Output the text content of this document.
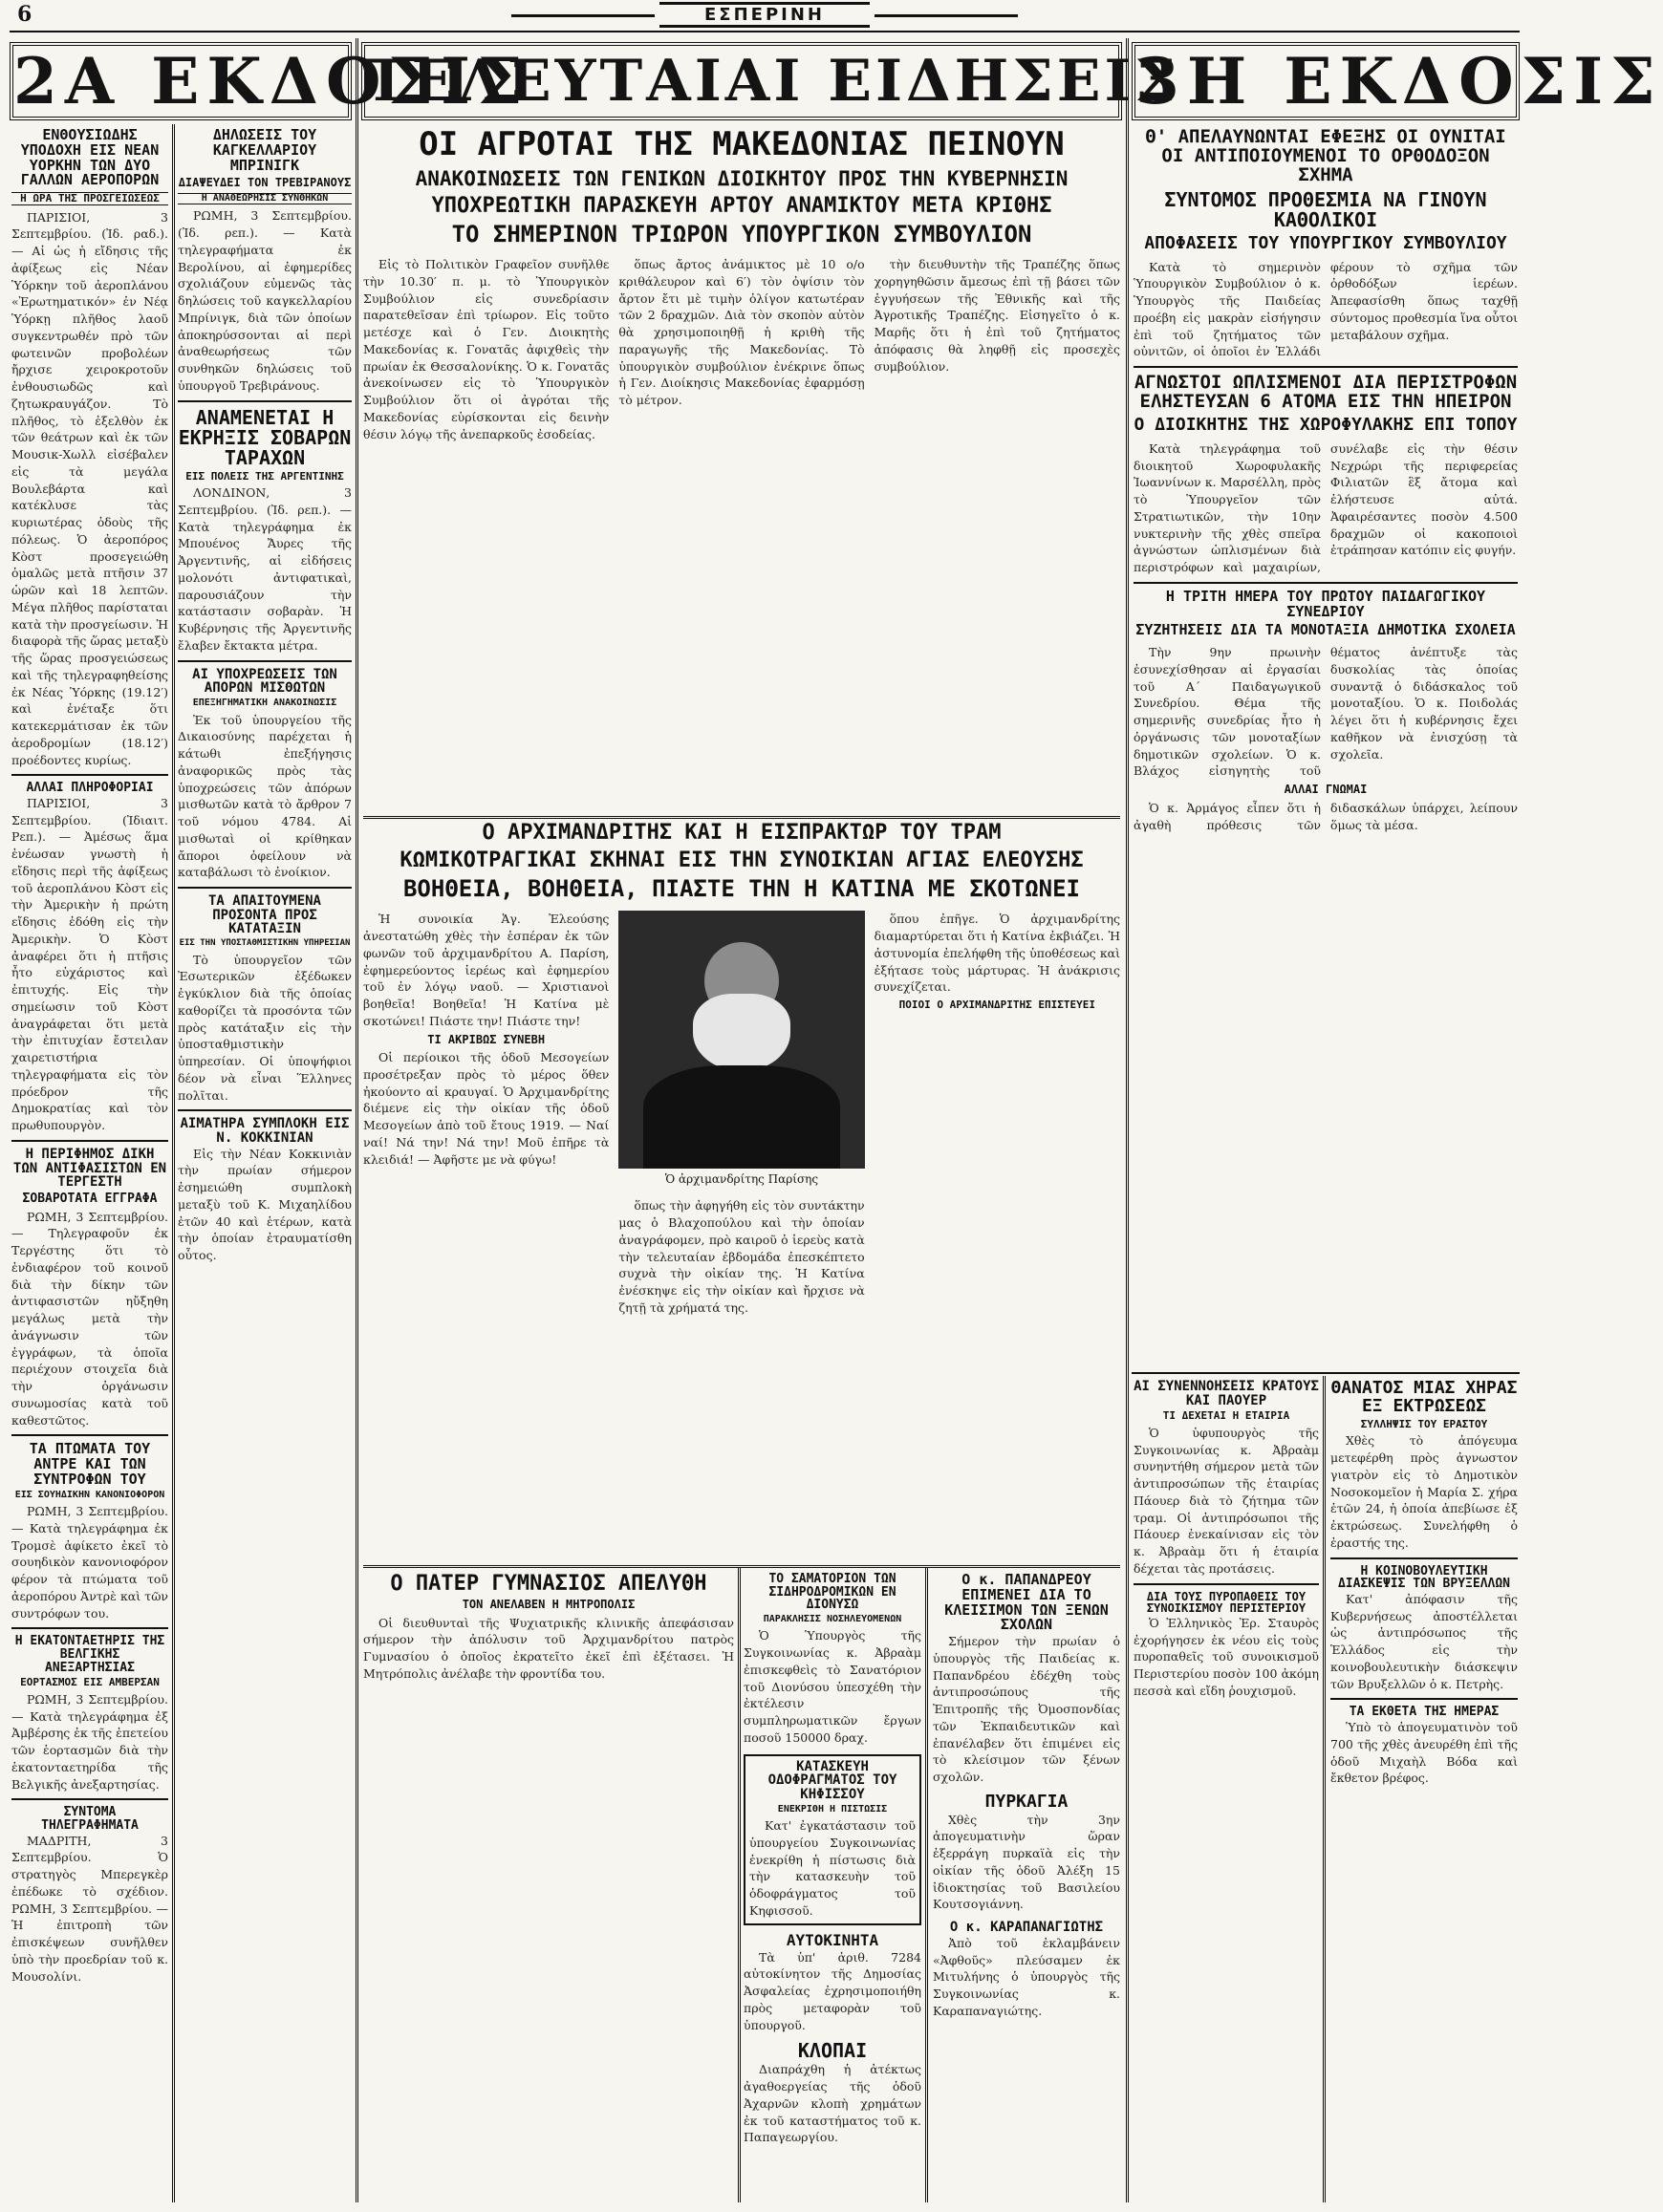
6	ΕΣΠΕΡΙΝΗ
2Α ΕΚΔΟΣΙΣ
ΤΕΛΕΥΤΑΙΑΙ ΕΙΔΗΣΕΙΣ
3Η ΕΚΔΟΣΙΣ
ΕΝΘΟΥΣΙΩΔΗΣ ΥΠΟΔΟΧΗ ΕΙΣ ΝΕΑΝ ΥΟΡΚΗΝ ΤΩΝ ΔΥΟ ΓΑΛΛΩΝ ΑΕΡΟΠΟΡΩΝ
Η ΩΡΑ ΤΗΣ ΠΡΟΣΓΕΙΩΣΕΩΣ

ΠΑΡΙΣΙΟΙ, 3 Σεπτεμβρίου. (Ἰδ. ραδ.). — Αἱ ὡς ἡ εἴδησις τῆς ἀφίξεως εἰς Νέαν Ὑόρκην τοῦ ἀεροπλάνου «Ἐρωτηματικόν» ἐν Νέᾳ Ὑόρκῃ πλῆθος λαοῦ συγκεντρωθέν πρὸ τῶν φωτεινῶν προβολέων ἤρχισε χειροκροτοῦν ἐνθουσιωδῶς καὶ ζητωκραυγάζον. Τὸ πλῆθος, τὸ ἐξελθὸν ἐκ τῶν θεάτρων καὶ ἐκ τῶν Μουσικ-Χωλλ εἰσέβαλεν εἰς τὰ μεγάλα Βουλεβάρτα καὶ κατέκλυσε τὰς κυριωτέρας ὁδοὺς τῆς πόλεως. Ὁ ἀεροπόρος Κὸστ προσεγειώθη ὁμαλῶς μετὰ πτῆσιν 37 ὡρῶν καὶ 18 λεπτῶν. Μέγα πλῆθος παρίσταται κατὰ τὴν προσγείωσιν. Ἡ διαφορὰ τῆς ὥρας μεταξὺ τῆς ὥρας προσγειώσεως καὶ τῆς τηλεγραφηθείσης ἐκ Νέας Ὑόρκης (19.12′) καὶ ἐνέταξε ὅτι κατεκερμάτισαν ἐκ τῶν ἀεροδρομίων (18.12′) προέδοντες κυρίως.

ΑΛΛΑΙ ΠΛΗΡΟΦΟΡΙΑΙ

ΠΑΡΙΣΙΟΙ, 3 Σεπτεμβρίου. (Ἰδιαιτ. Ρεπ.). — Ἀμέσως ἅμα ἐνέωσαν γνωστὴ ἡ εἴδησις περὶ τῆς ἀφίξεως τοῦ ἀεροπλάνου Κὸστ εἰς τὴν Ἀμερικὴν ἡ πρώτη εἴδησις ἐδόθη εἰς τὴν Ἀμερικὴν. Ὁ Κὸστ ἀναφέρει ὅτι ἡ πτῆσις ἦτο εὐχάριστος καὶ ἐπιτυχής. Εἰς τὴν σημείωσιν τοῦ Κὸστ ἀναγράφεται ὅτι μετὰ τὴν ἐπιτυχίαν ἔστειλαν χαιρετιστήρια τηλεγραφήματα εἰς τὸν πρόεδρον τῆς Δημοκρατίας καὶ τὸν πρωθυπουργὸν.

Η ΠΕΡΙΦΗΜΟΣ ΔΙΚΗ ΤΩΝ ΑΝΤΙΦΑΣΙΣΤΩΝ ΕΝ ΤΕΡΓΕΣΤΗ
ΣΟΒΑΡΟΤΑΤΑ ΕΓΓΡΑΦΑ

ΡΩΜΗ, 3 Σεπτεμβρίου. — Τηλεγραφοῦν ἐκ Τεργέστης ὅτι τὸ ἐνδιαφέρον τοῦ κοινοῦ διὰ τὴν δίκην τῶν ἀντιφασιστῶν ηὔξηθη μεγάλως μετὰ τὴν ἀνάγνωσιν τῶν ἐγγράφων, τὰ ὁποῖα περιέχουν στοιχεῖα διὰ τὴν ὀργάνωσιν συνωμοσίας κατὰ τοῦ καθεστῶτος.

ΤΑ ΠΤΩΜΑΤΑ ΤΟΥ ΑΝΤΡΕ ΚΑΙ ΤΩΝ ΣΥΝΤΡΟΦΩΝ ΤΟΥ
ΕΙΣ ΣΟΥΗΔΙΚΗΝ ΚΑΝΟΝΙΟΦΟΡΟΝ

ΡΩΜΗ, 3 Σεπτεμβρίου. — Κατὰ τηλεγράφημα ἐκ Τρομσὲ ἀφίκετο ἐκεῖ τὸ σουηδικὸν κανονιοφόρον φέρον τὰ πτώματα τοῦ ἀεροπόρου Ἀντρὲ καὶ τῶν συντρόφων του.

Η ΕΚΑΤΟΝΤΑΕΤΗΡΙΣ ΤΗΣ ΒΕΛΓΙΚΗΣ ΑΝΕΞΑΡΤΗΣΙΑΣ
ΕΟΡΤΑΣΜΟΣ ΕΙΣ ΑΜΒΕΡΣΑΝ

ΡΩΜΗ, 3 Σεπτεμβρίου. — Κατὰ τηλεγράφημα ἐξ Ἀμβέρσης ἐκ τῆς ἐπετείου τῶν ἑορτασμῶν διὰ τὴν ἑκατονταετηρίδα τῆς Βελγικῆς ἀνεξαρτησίας.

ΣΥΝΤΟΜΑ ΤΗΛΕΓΡΑΦΗΜΑΤΑ

ΜΑΔΡΙΤΗ, 3 Σεπτεμβρίου. Ὁ στρατηγὸς Μπερεγκὲρ ἐπέδωκε τὸ σχέδιον. ΡΩΜΗ, 3 Σεπτεμβρίου. — Ἡ ἐπιτροπὴ τῶν ἐπισκέψεων συνῆλθεν ὑπὸ τὴν προεδρίαν τοῦ κ. Μουσολίνι.

ΔΗΛΩΣΕΙΣ ΤΟΥ ΚΑΓΚΕΛΛΑΡΙΟΥ ΜΠΡΙΝΙΓΚ
ΔΙΑΨΕΥΔΕΙ ΤΟΝ ΤΡΕΒΙΡΑΝΟΥΣ
Η ΑΝΑΘΕΩΡΗΣΙΣ ΣΥΝΘΗΚΩΝ

ΡΩΜΗ, 3 Σεπτεμβρίου. (Ἰδ. ρεπ.). — Κατὰ τηλεγραφήματα ἐκ Βερολίνου, αἱ ἐφημερίδες σχολιάζουν εὐμενῶς τὰς δηλώσεις τοῦ καγκελλαρίου Μπρίνιγκ, διὰ τῶν ὁποίων ἀποκηρύσσονται αἱ περὶ ἀναθεωρήσεως τῶν συνθηκῶν δηλώσεις τοῦ ὑπουργοῦ Τρεβιράνους.

ΑΝΑΜΕΝΕΤΑΙ Η ΕΚΡΗΞΙΣ ΣΟΒΑΡΩΝ ΤΑΡΑΧΩΝ
ΕΙΣ ΠΟΛΕΙΣ ΤΗΣ ΑΡΓΕΝΤΙΝΗΣ

ΛΟΝΔΙΝΟΝ, 3 Σεπτεμβρίου. (Ἰδ. ρεπ.). — Κατὰ τηλεγράφημα ἐκ Μπουένος Ἄυρες τῆς Ἀργεντινῆς, αἱ εἰδήσεις μολονότι ἀντιφατικαὶ, παρουσιάζουν τὴν κατάστασιν σοβαρὰν. Ἡ Κυβέρνησις τῆς Ἀργεντινῆς ἔλαβεν ἔκτακτα μέτρα.

ΑΙ ΥΠΟΧΡΕΩΣΕΙΣ ΤΩΝ ΑΠΟΡΩΝ ΜΙΣΘΩΤΩΝ
ΕΠΕΞΗΓΗΜΑΤΙΚΗ ΑΝΑΚΟΙΝΩΣΙΣ

Ἐκ τοῦ ὑπουργείου τῆς Δικαιοσύνης παρέχεται ἡ κάτωθι ἐπεξήγησις ἀναφορικῶς πρὸς τὰς ὑποχρεώσεις τῶν ἀπόρων μισθωτῶν κατὰ τὸ ἄρθρον 7 τοῦ νόμου 4784. Αἱ μισθωταὶ οἱ κρίθηκαν ἄποροι ὀφείλουν νὰ καταβάλωσι τὸ ἐνοίκιον.

ΤΑ ΑΠΑΙΤΟΥΜΕΝΑ ΠΡΟΣΟΝΤΑ ΠΡΟΣ ΚΑΤΑΤΑΞΙΝ
ΕΙΣ ΤΗΝ ΥΠΟΣΤΑΘΜΙΣΤΙΚΗΝ ΥΠΗΡΕΣΙΑΝ

Τὸ ὑπουργεῖον τῶν Ἐσωτερικῶν ἐξέδωκεν ἐγκύκλιον διὰ τῆς ὁποίας καθορίζει τὰ προσόντα τῶν πρὸς κατάταξιν εἰς τὴν ὑποσταθμιστικὴν ὑπηρεσίαν. Οἱ ὑποψήφιοι δέον νὰ εἶναι Ἕλληνες πολῖται.

ΑΙΜΑΤΗΡΑ ΣΥΜΠΛΟΚΗ ΕΙΣ Ν. ΚΟΚΚΙΝΙΑΝ

Εἰς τὴν Νέαν Κοκκινιὰν τὴν πρωίαν σήμερον ἐσημειώθη συμπλοκὴ μεταξὺ τοῦ Κ. Μιχαηλίδου ἐτῶν 40 καὶ ἑτέρων, κατὰ τὴν ὁποίαν ἐτραυματίσθη οὗτος.

ΟΙ ΑΓΡΟΤΑΙ ΤΗΣ ΜΑΚΕΔΟΝΙΑΣ ΠΕΙΝΟΥΝ
ΑΝΑΚΟΙΝΩΣΕΙΣ ΤΩΝ ΓΕΝΙΚΩΝ ΔΙΟΙΚΗΤΟΥ ΠΡΟΣ ΤΗΝ ΚΥΒΕΡΝΗΣΙΝ
ΥΠΟΧΡΕΩΤΙΚΗ ΠΑΡΑΣΚΕΥΗ ΑΡΤΟΥ ΑΝΑΜΙΚΤΟΥ ΜΕΤΑ ΚΡΙΘΗΣ
ΤΟ ΣΗΜΕΡΙΝΟΝ ΤΡΙΩΡΟΝ ΥΠΟΥΡΓΙΚΟΝ ΣΥΜΒΟΥΛΙΟΝ

Εἰς τὸ Πολιτικὸν Γραφεῖον συνῆλθε τὴν 10.30′ π. μ. τὸ Ὑπουργικὸν Συμβούλιον εἰς συνεδρίασιν παρατεθεῖσαν ἐπὶ τρίωρον. Εἰς τοῦτο μετέσχε καὶ ὁ Γεν. Διοικητὴς Μακεδονίας κ. Γονατᾶς ἀφιχθεὶς τὴν πρωίαν ἐκ Θεσσαλονίκης. Ὁ κ. Γονατᾶς ἀνεκοίνωσεν εἰς τὸ Ὑπουργικὸν Συμβούλιον ὅτι οἱ ἀγρόται τῆς Μακεδονίας εὑρίσκονται εἰς δεινὴν θέσιν λόγῳ τῆς ἀνεπαρκοῦς ἐσοδείας.

ὅπως ἄρτος ἀνάμικτος μὲ 10 ο/ο κριθάλευρον καὶ 6′) τὸν ὀψίσιν τὸν ἄρτον ἔτι μὲ τιμὴν ὀλίγον κατωτέραν τῶν 2 δραχμῶν. Διὰ τὸν σκοπὸν αὐτὸν θὰ χρησιμοποιηθῇ ἡ κριθὴ τῆς παραγωγῆς τῆς Μακεδονίας. Τὸ ὑπουργικὸν συμβούλιον ἐνέκρινε ὅπως ἡ Γεν. Διοίκησις Μακεδονίας ἐφαρμόσῃ τὸ μέτρον.

τὴν διευθυντὴν τῆς Τραπέζης ὅπως χορηγηθῶσιν ἄμεσως ἐπὶ τῇ βάσει τῶν ἐγγυήσεων τῆς Ἐθνικῆς καὶ τῆς Ἀγροτικῆς Τραπέζης. Εἰσηγεῖτο ὁ κ. Μαρῆς ὅτι ἡ ἐπὶ τοῦ ζητήματος ἀπόφασις θὰ ληφθῇ εἰς προσεχὲς συμβούλιον.

Ο ΑΡΧΙΜΑΝΔΡΙΤΗΣ ΚΑΙ Η ΕΙΣΠΡΑΚΤΩΡ ΤΟΥ ΤΡΑΜ
ΚΩΜΙΚΟΤΡΑΓΙΚΑΙ ΣΚΗΝΑΙ ΕΙΣ ΤΗΝ ΣΥΝΟΙΚΙΑΝ ΑΓΙΑΣ ΕΛΕΟΥΣΗΣ
ΒΟΗΘΕΙΑ, ΒΟΗΘΕΙΑ, ΠΙΑΣΤΕ ΤΗΝ Η ΚΑΤΙΝΑ ΜΕ ΣΚΟΤΩΝΕΙ

Ἡ συνοικία Ἁγ. Ἐλεούσης ἀνεστατώθη χθὲς τὴν ἑσπέραν ἐκ τῶν φωνῶν τοῦ ἀρχιμανδρίτου Α. Παρίση, ἐφημερεύοντος ἱερέως καὶ ἐφημερίου τοῦ ἐν λόγῳ ναοῦ. — Χριστιανοὶ βοηθεῖα! Βοηθεῖα! Ἡ Κατίνα μὲ σκοτώνει! Πιάστε την! Πιάστε την!

ΤΙ ΑΚΡΙΒΩΣ ΣΥΝΕΒΗ

Οἱ περίοικοι τῆς ὁδοῦ Μεσογείων προσέτρεξαν πρὸς τὸ μέρος ὅθεν ἠκούοντο αἱ κραυγαί. Ὁ Ἀρχιμανδρίτης διέμενε εἰς τὴν οἰκίαν τῆς ὁδοῦ Μεσογείων ἀπὸ τοῦ ἔτους 1919. — Ναί ναί! Νά την! Νά την! Μοῦ ἐπῆρε τὰ κλειδιά! — Ἀφῆστε με νὰ φύγω!

Ὁ ἀρχιμανδρίτης Παρίσης

ὅπως τὴν ἀφηγήθη εἰς τὸν συντάκτην μας ὁ Βλαχοπούλου καὶ τὴν ὁποίαν ἀναγράφομεν, πρὸ καιροῦ ὁ ἱερεὺς κατὰ τὴν τελευταίαν ἐβδομάδα ἐπεσκέπτετο συχνὰ τὴν οἰκίαν της. Ἡ Κατίνα ἐνέσκηψε εἰς τὴν οἰκίαν καὶ ἤρχισε νὰ ζητῇ τὰ χρήματά της.

ὅπου ἐπῆγε. Ὁ ἀρχιμανδρίτης διαμαρτύρεται ὅτι ἡ Κατίνα ἐκβιάζει. Ἡ ἀστυνομία ἐπελήφθη τῆς ὑποθέσεως καὶ ἐξήτασε τοὺς μάρτυρας. Ἡ ἀνάκρισις συνεχίζεται.

ΠΟΙΟΙ Ο ΑΡΧΙΜΑΝΔΡΙΤΗΣ ΕΠΙΣΤΕΥΕΙ
Ο ΠΑΤΕΡ ΓΥΜΝΑΣΙΟΣ ΑΠΕΛΥΘΗ
ΤΟΝ ΑΝΕΛΑΒΕΝ Η ΜΗΤΡΟΠΟΛΙΣ

Οἱ διευθυνταὶ τῆς Ψυχιατρικῆς κλινικῆς ἀπεφάσισαν σήμερον τὴν ἀπόλυσιν τοῦ Ἀρχιμανδρίτου πατρὸς Γυμνασίου ὁ ὁποῖος ἐκρατεῖτο ἐκεῖ ἐπὶ ἐξέτασει. Ἡ Μητρόπολις ἀνέλαβε τὴν φροντίδα του.

ΤΟ ΣΑΜΑΤΟΡΙΟΝ ΤΩΝ ΣΙΔΗΡΟΔΡΟΜΙΚΩΝ ΕΝ ΔΙΟΝΥΣΩ
ΠΑΡΑΚΛΗΣΙΣ ΝΟΣΗΛΕΥΟΜΕΝΩΝ

Ὁ Ὑπουργὸς τῆς Συγκοινωνίας κ. Ἀβραὰμ ἐπισκεφθεὶς τὸ Σανατόριον τοῦ Διονύσου ὑπεσχέθη τὴν ἐκτέλεσιν συμπληρωματικῶν ἔργων ποσοῦ 150000 δραχ.

ΚΑΤΑΣΚΕΥΗ ΟΔΟΦΡΑΓΜΑΤΟΣ ΤΟΥ ΚΗΦΙΣΣΟΥ
ΕΝΕΚΡΙΘΗ Η ΠΙΣΤΩΣΙΣ

Κατ' ἐγκατάστασιν τοῦ ὑπουργείου Συγκοινωνίας ἐνεκρίθη ἡ πίστωσις διὰ τὴν κατασκευὴν τοῦ ὁδοφράγματος τοῦ Κηφισσοῦ.

ΑΥΤΟΚΙΝΗΤΑ

Τὰ ὑπ' ἀριθ. 7284 αὐτοκίνητον τῆς Δημοσίας Ἀσφαλείας ἐχρησιμοποιήθη πρὸς μεταφορὰν τοῦ ὑπουργοῦ.

ΚΛΟΠΑΙ

Διαπράχθη ἡ ἀτέκτως ἀγαθοεργείας τῆς ὁδοῦ Ἀχαρνῶν κλοπὴ χρημάτων ἐκ τοῦ καταστήματος τοῦ κ. Παπαγεωργίου.

Ο κ. ΠΑΠΑΝΔΡΕΟΥ ΕΠΙΜΕΝΕΙ ΔΙΑ ΤΟ ΚΛΕΙΣΙΜΟΝ ΤΩΝ ΞΕΝΩΝ ΣΧΟΛΩΝ

Σήμερον τὴν πρωίαν ὁ ὑπουργὸς τῆς Παιδείας κ. Παπανδρέου ἐδέχθη τοὺς ἀντιπροσώπους τῆς Ἐπιτροπῆς τῆς Ὀμοσπονδίας τῶν Ἐκπαιδευτικῶν καὶ ἐπανέλαβεν ὅτι ἐπιμένει εἰς τὸ κλείσιμον τῶν ξένων σχολῶν.

ΠΥΡΚΑΓΙΑ

Χθὲς τὴν 3ην ἀπογευματινὴν ὥραν ἐξερράγη πυρκαϊὰ εἰς τὴν οἰκίαν τῆς ὁδοῦ Ἀλέξη 15 ἰδιοκτησίας τοῦ Βασιλείου Κουτσογιάννη.

Ο κ. ΚΑΡΑΠΑΝΑΓΙΩΤΗΣ

Ἀπὸ τοῦ ἐκλαμβάνειν «Ἀφθοῦς» πλεύσαμεν ἐκ Μιτυλήνης ὁ ὑπουργὸς τῆς Συγκοινωνίας κ. Καραπαναγιώτης.

Θ' ΑΠΕΛΑΥΝΩΝΤΑΙ ΕΦΕΞΗΣ ΟΙ ΟΥΝΙΤΑΙ ΟΙ ΑΝΤΙΠΟΙΟΥΜΕΝΟΙ ΤΟ ΟΡΘΟΔΟΞΟΝ ΣΧΗΜΑ
ΣΥΝΤΟΜΟΣ ΠΡΟΘΕΣΜΙΑ ΝΑ ΓΙΝΟΥΝ ΚΑΘΟΛΙΚΟΙ
ΑΠΟΦΑΣΕΙΣ ΤΟΥ ΥΠΟΥΡΓΙΚΟΥ ΣΥΜΒΟΥΛΙΟΥ

Κατὰ τὸ σημερινὸν Ὑπουργικὸν Συμβούλιον ὁ κ. Ὑπουργὸς τῆς Παιδείας προέβη εἰς μακρὰν εἰσήγησιν ἐπὶ τοῦ ζητήματος τῶν οὐνιτῶν, οἱ ὁποῖοι ἐν Ἑλλάδι φέρουν τὸ σχῆμα τῶν ὀρθοδόξων ἱερέων. Ἀπεφασίσθη ὅπως ταχθῇ σύντομος προθεσμία ἵνα οὗτοι μεταβάλουν σχῆμα.

ΑΓΝΩΣΤΟΙ ΩΠΛΙΣΜΕΝΟΙ ΔΙΑ ΠΕΡΙΣΤΡΟΦΩΝ ΕΛΗΣΤΕΥΣΑΝ 6 ΑΤΟΜΑ ΕΙΣ ΤΗΝ ΗΠΕΙΡΟΝ
Ο ΔΙΟΙΚΗΤΗΣ ΤΗΣ ΧΩΡΟΦΥΛΑΚΗΣ ΕΠΙ ΤΟΠΟΥ

Κατὰ τηλεγράφημα τοῦ διοικητοῦ Χωροφυλακῆς Ἰωαννίνων κ. Μαρσέλλη, πρὸς τὸ Ὑπουργεῖον τῶν Στρατιωτικῶν, τὴν 10ην νυκτερινὴν τῆς χθὲς σπεῖρα ἀγνώστων ὡπλισμένων διὰ περιστρόφων καὶ μαχαιρίων, συνέλαβε εἰς τὴν θέσιν Νεχρώρι τῆς περιφερείας Φιλιατῶν ἓξ ἄτομα καὶ ἐλήστευσε αὐτά. Ἀφαιρέσαντες ποσὸν 4.500 δραχμῶν οἱ κακοποιοὶ ἐτράπησαν κατόπιν εἰς φυγήν.

Η ΤΡΙΤΗ ΗΜΕΡΑ ΤΟΥ ΠΡΩΤΟΥ ΠΑΙΔΑΓΩΓΙΚΟΥ ΣΥΝΕΔΡΙΟΥ
ΣΥΖΗΤΗΣΕΙΣ ΔΙΑ ΤΑ ΜΟΝΟΤΑΞΙΑ ΔΗΜΟΤΙΚΑ ΣΧΟΛΕΙΑ

Τὴν 9ην πρωινὴν ἐσυνεχίσθησαν αἱ ἐργασίαι τοῦ Α΄ Παιδαγωγικοῦ Συνεδρίου. Θέμα τῆς σημερινῆς συνεδρίας ἦτο ἡ ὀργάνωσις τῶν μονοταξίων δημοτικῶν σχολείων. Ὁ κ. Βλάχος εἰσηγητὴς τοῦ θέματος ἀνέπτυξε τὰς δυσκολίας τὰς ὁποίας συναντᾷ ὁ διδάσκαλος τοῦ μονοταξίου. Ὁ κ. Ποιδολάς λέγει ὅτι ἡ κυβέρνησις ἔχει καθῆκον νὰ ἐνισχύσῃ τὰ σχολεῖα.

ΑΛΛΑΙ ΓΝΩΜΑΙ

Ὁ κ. Ἀρμάγος εἶπεν ὅτι ἡ ἀγαθὴ πρόθεσις τῶν διδασκάλων ὑπάρχει, λείπουν ὅμως τὰ μέσα.

ΑΙ ΣΥΝΕΝΝΟΗΣΕΙΣ ΚΡΑΤΟΥΣ ΚΑΙ ΠΑΟΥΕΡ
ΤΙ ΔΕΧΕΤΑΙ Η ΕΤΑΙΡΙΑ

Ὁ ὑφυπουργὸς τῆς Συγκοινωνίας κ. Ἀβραὰμ συνηντήθη σήμερον μετὰ τῶν ἀντιπροσώπων τῆς ἑταιρίας Πάουερ διὰ τὸ ζήτημα τῶν τραμ. Οἱ ἀντιπρόσωποι τῆς Πάουερ ἐνεκαίνισαν εἰς τὸν κ. Ἀβραὰμ ὅτι ἡ ἑταιρία δέχεται τὰς προτάσεις.

ΔΙΑ ΤΟΥΣ ΠΥΡΟΠΑΘΕΙΣ ΤΟΥ ΣΥΝΟΙΚΙΣΜΟΥ ΠΕΡΙΣΤΕΡΙΟΥ

Ὁ Ἑλληνικὸς Ἐρ. Σταυρὸς ἐχορήγησεν ἐκ νέου εἰς τοὺς πυροπαθεῖς τοῦ συνοικισμοῦ Περιστερίου ποσὸν 100 ἀκόμη πεσσὰ καὶ εἴδη ῥουχισμοῦ.

ΘΑΝΑΤΟΣ ΜΙΑΣ ΧΗΡΑΣ ΕΞ ΕΚΤΡΩΣΕΩΣ
ΣΥΛΛΗΨΙΣ ΤΟΥ ΕΡΑΣΤΟΥ

Χθὲς τὸ ἀπόγευμα μετεφέρθη πρὸς ἀγνωστον γιατρὸν εἰς τὸ Δημοτικὸν Νοσοκομεῖον ἡ Μαρία Σ. χήρα ἐτῶν 24, ἡ ὁποία ἀπεβίωσε ἐξ ἐκτρώσεως. Συνελήφθη ὁ ἐραστής της.

Η ΚΟΙΝΟΒΟΥΛΕΥΤΙΚΗ ΔΙΑΣΚΕΨΙΣ ΤΩΝ ΒΡΥΞΕΛΛΩΝ

Κατ' ἀπόφασιν τῆς Κυβερνήσεως ἀποστέλλεται ὡς ἀντιπρόσωπος τῆς Ἑλλάδος εἰς τὴν κοινοβουλευτικὴν διάσκεψιν τῶν Βρυξελλῶν ὁ κ. Πετρὴς.

ΤΑ ΕΚΘΕΤΑ ΤΗΣ ΗΜΕΡΑΣ

Ὑπὸ τὸ ἀπογευματινὸν τοῦ 700 τῆς χθὲς ἀνευρέθη ἐπὶ τῆς ὁδοῦ Μιχαὴλ Βόδα καὶ ἔκθετον βρέφος.
